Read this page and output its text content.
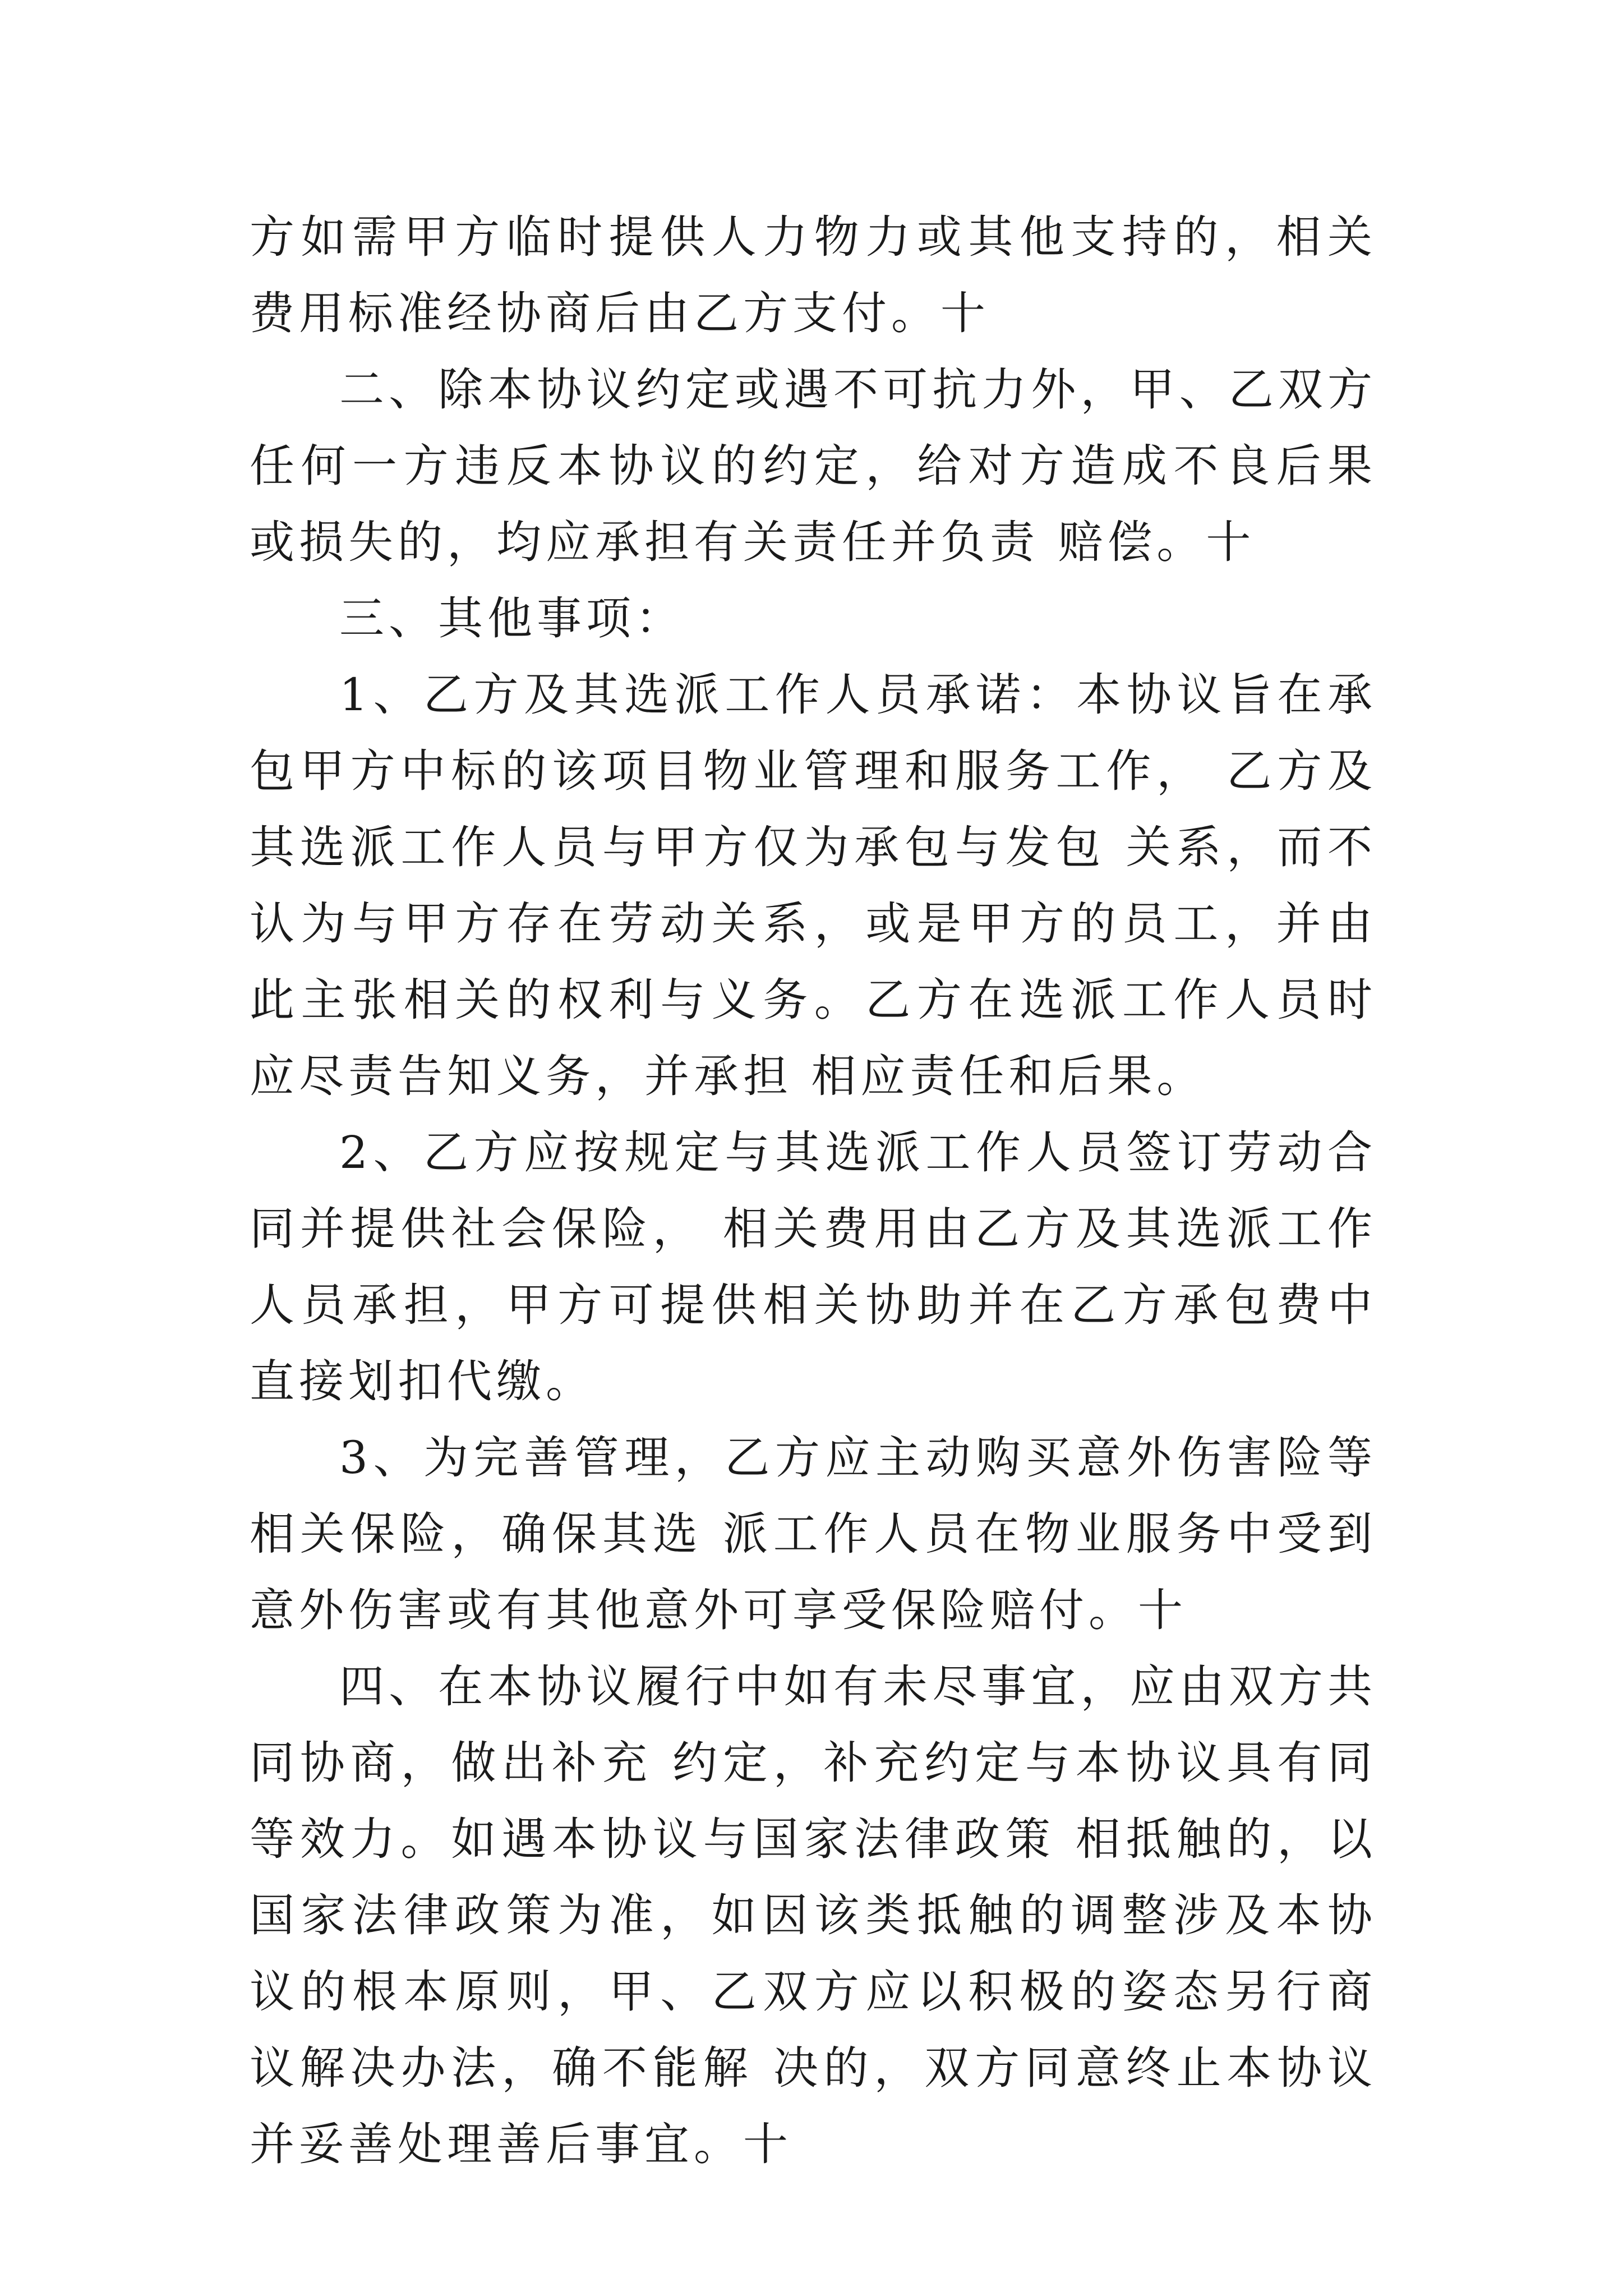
方如需甲方临时提供人力物力或其他支持的，相关费用标准经协商后由乙方支付。十

二、除本协议约定或遇不可抗力外，甲、乙双方任何一方违反本协议的约定，给对方造成不良后果或损失的，均应承担有关责任并负责 赔偿。十

三、其他事项：

1、乙方及其选派工作人员承诺：本协议旨在承包甲方中标的该项目物业管理和服务工作， 乙方及其选派工作人员与甲方仅为承包与发包 关系，而不认为与甲方存在劳动关系，或是甲方的员工，并由此主张相关的权利与义务。乙方在选派工作人员时应尽责告知义务，并承担 相应责任和后果。

2、乙方应按规定与其选派工作人员签订劳动合同并提供社会保险， 相关费用由乙方及其选派工作人员承担，甲方可提供相关协助并在乙方承包费中直接划扣代缴。

3、为完善管理，乙方应主动购买意外伤害险等相关保险，确保其选 派工作人员在物业服务中受到意外伤害或有其他意外可享受保险赔付。十

四、在本协议履行中如有未尽事宜，应由双方共同协商，做出补充 约定，补充约定与本协议具有同等效力。如遇本协议与国家法律政策 相抵触的，以国家法律政策为准，如因该类抵触的调整涉及本协议的根本原则，甲、乙双方应以积极的姿态另行商议解决办法，确不能解 决的，双方同意终止本协议并妥善处理善后事宜。十
